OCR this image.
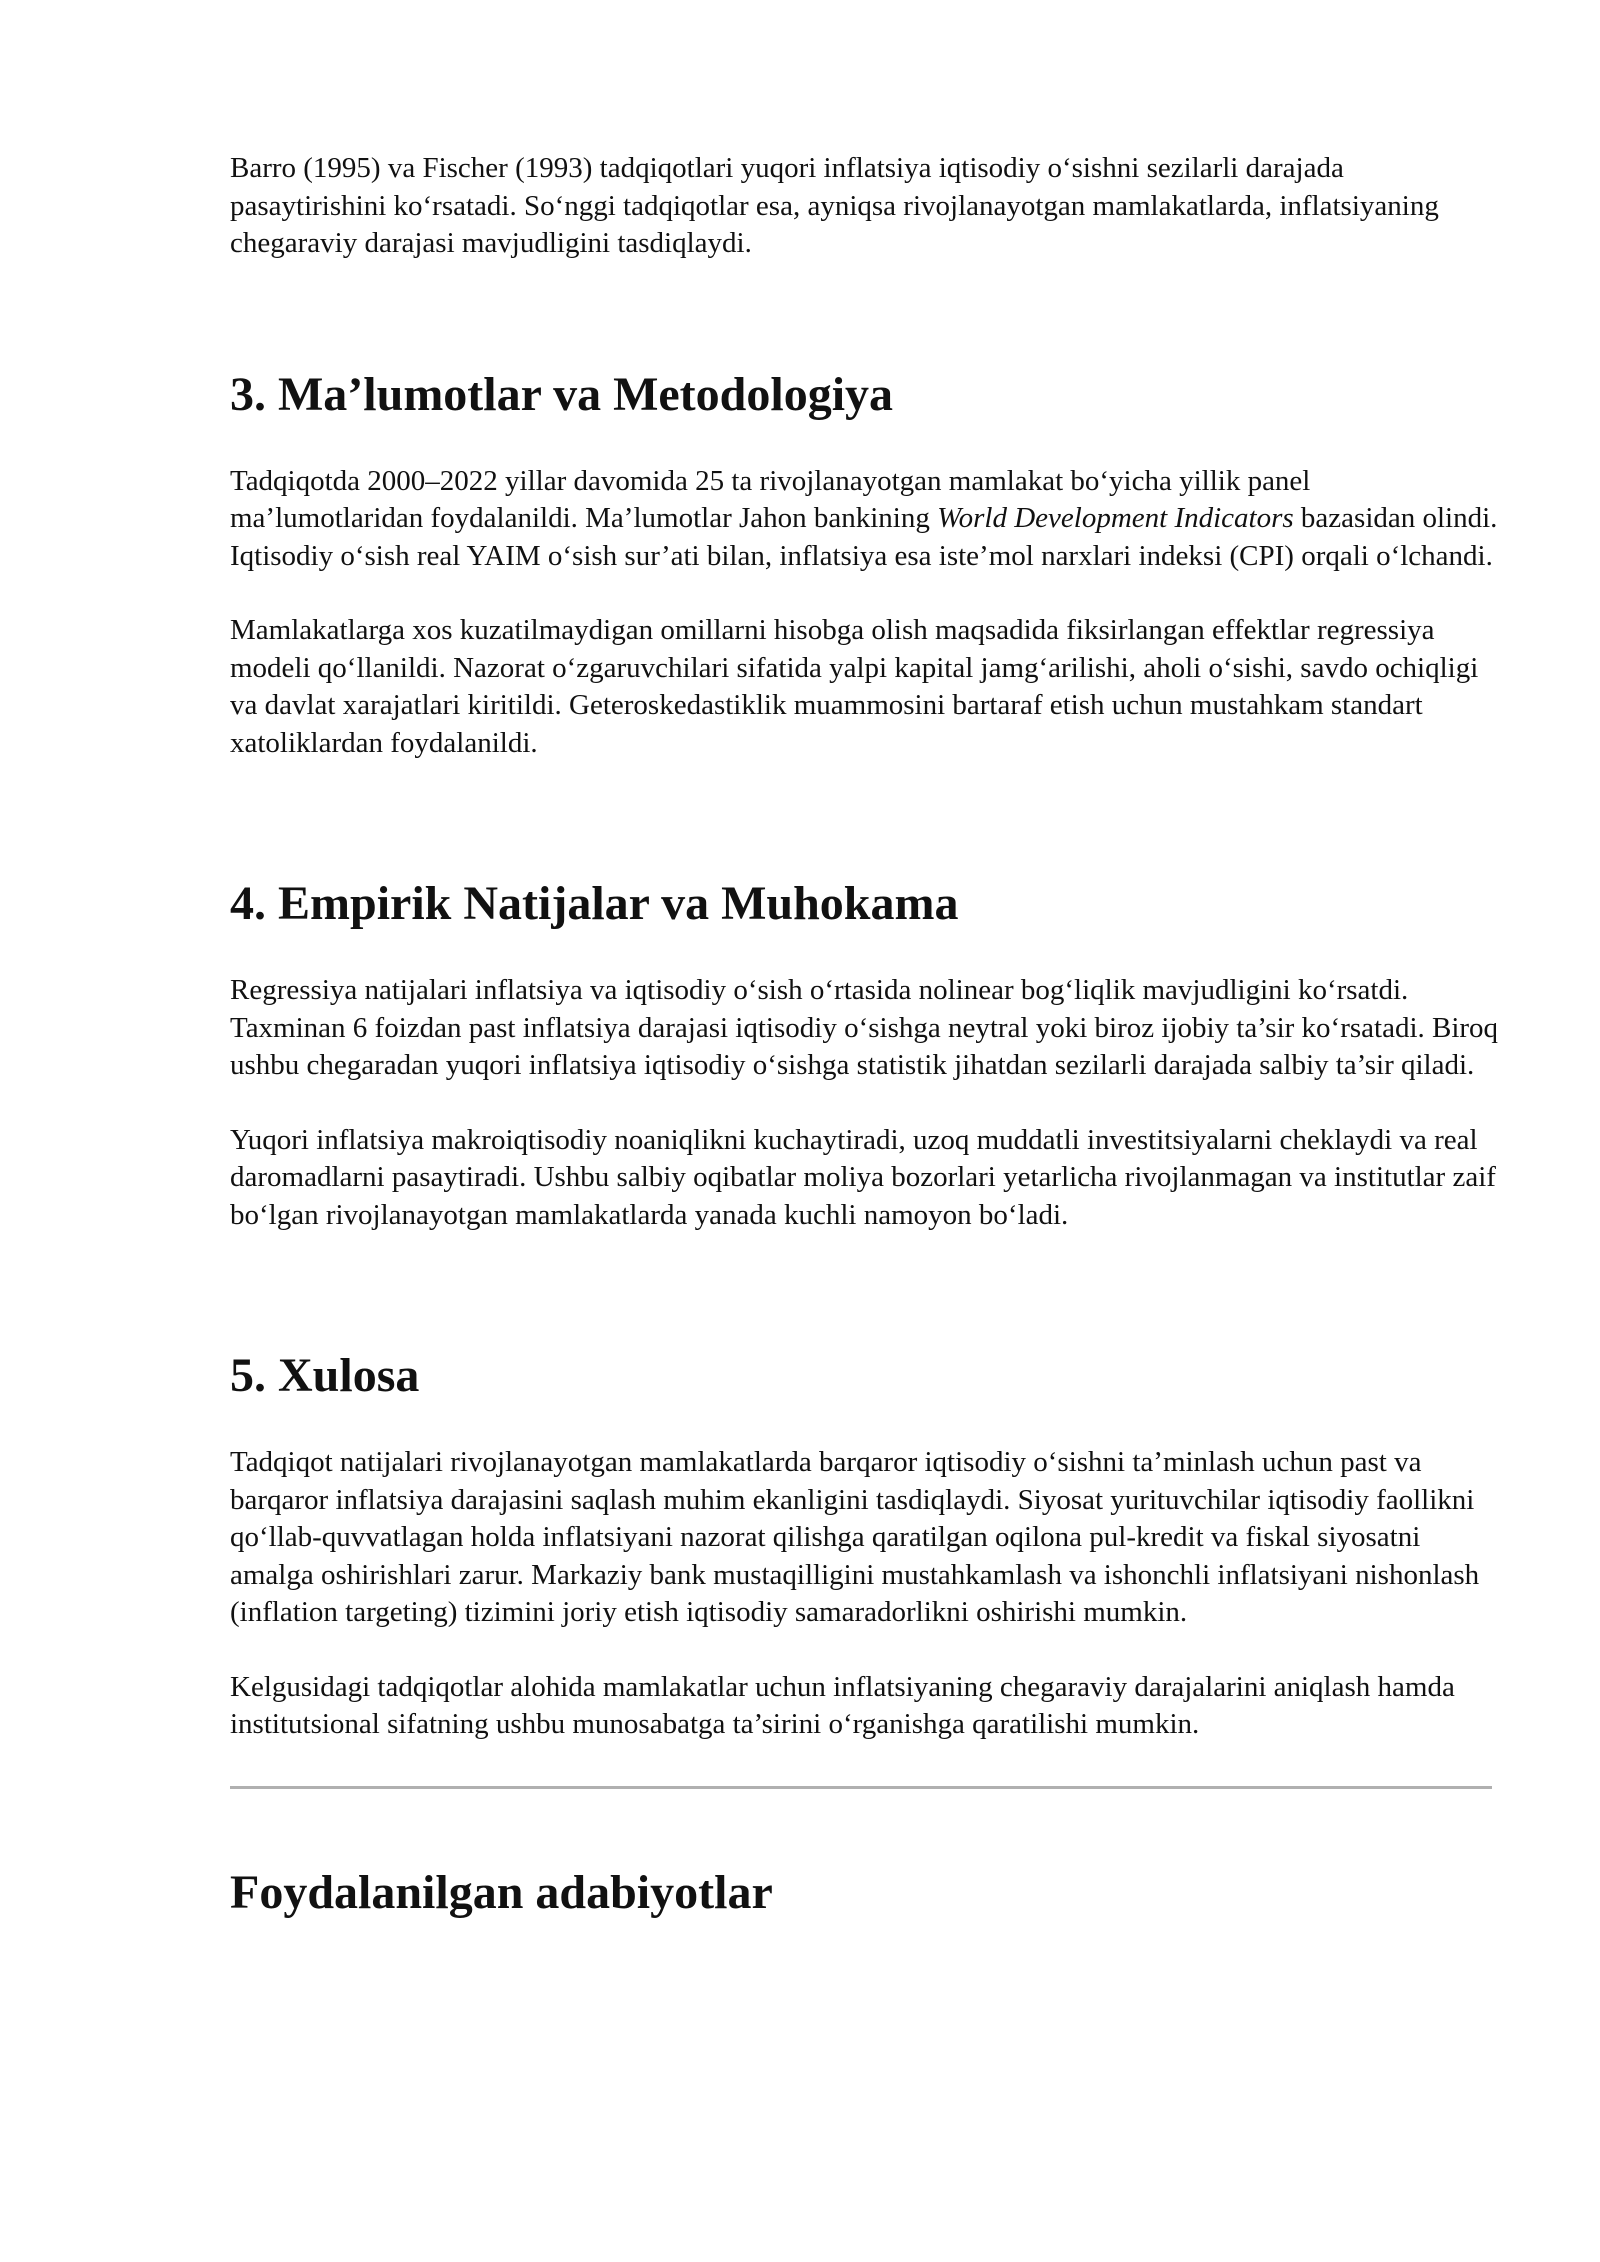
Barro (1995) va Fischer (1993) tadqiqotlari yuqori inflatsiya iqtisodiy o‘sishni sezilarli darajada pasaytirishini ko‘rsatadi. So‘nggi tadqiqotlar esa, ayniqsa rivojlanayotgan mamlakatlarda, inflatsiyaning chegaraviy darajasi mavjudligini tasdiqlaydi.

3. Ma’lumotlar va Metodologiya

Tadqiqotda 2000–2022 yillar davomida 25 ta rivojlanayotgan mamlakat bo‘yicha yillik panel ma’lumotlaridan foydalanildi. Ma’lumotlar Jahon bankining World Development Indicators bazasidan olindi. Iqtisodiy o‘sish real YAIM o‘sish sur’ati bilan, inflatsiya esa iste’mol narxlari indeksi (CPI) orqali o‘lchandi.

Mamlakatlarga xos kuzatilmaydigan omillarni hisobga olish maqsadida fiksirlangan effektlar regressiya modeli qo‘llanildi. Nazorat o‘zgaruvchilari sifatida yalpi kapital jamg‘arilishi, aholi o‘sishi, savdo ochiqligi va davlat xarajatlari kiritildi. Geteroskedastiklik muammosini bartaraf etish uchun mustahkam standart xatoliklardan foydalanildi.

4. Empirik Natijalar va Muhokama

Regressiya natijalari inflatsiya va iqtisodiy o‘sish o‘rtasida nolinear bog‘liqlik mavjudligini ko‘rsatdi. Taxminan 6 foizdan past inflatsiya darajasi iqtisodiy o‘sishga neytral yoki biroz ijobiy ta’sir ko‘rsatadi. Biroq ushbu chegaradan yuqori inflatsiya iqtisodiy o‘sishga statistik jihatdan sezilarli darajada salbiy ta’sir qiladi.

Yuqori inflatsiya makroiqtisodiy noaniqlikni kuchaytiradi, uzoq muddatli investitsiyalarni cheklaydi va real daromadlarni pasaytiradi. Ushbu salbiy oqibatlar moliya bozorlari yetarlicha rivojlanmagan va institutlar zaif bo‘lgan rivojlanayotgan mamlakatlarda yanada kuchli namoyon bo‘ladi.

5. Xulosa

Tadqiqot natijalari rivojlanayotgan mamlakatlarda barqaror iqtisodiy o‘sishni ta’minlash uchun past va barqaror inflatsiya darajasini saqlash muhim ekanligini tasdiqlaydi. Siyosat yurituvchilar iqtisodiy faollikni qo‘llab-quvvatlagan holda inflatsiyani nazorat qilishga qaratilgan oqilona pul-kredit va fiskal siyosatni amalga oshirishlari zarur. Markaziy bank mustaqilligini mustahkamlash va ishonchli inflatsiyani nishonlash (inflation targeting) tizimini joriy etish iqtisodiy samaradorlikni oshirishi mumkin.

Kelgusidagi tadqiqotlar alohida mamlakatlar uchun inflatsiyaning chegaraviy darajalarini aniqlash hamda institutsional sifatning ushbu munosabatga ta’sirini o‘rganishga qaratilishi mumkin.

Foydalanilgan adabiyotlar
